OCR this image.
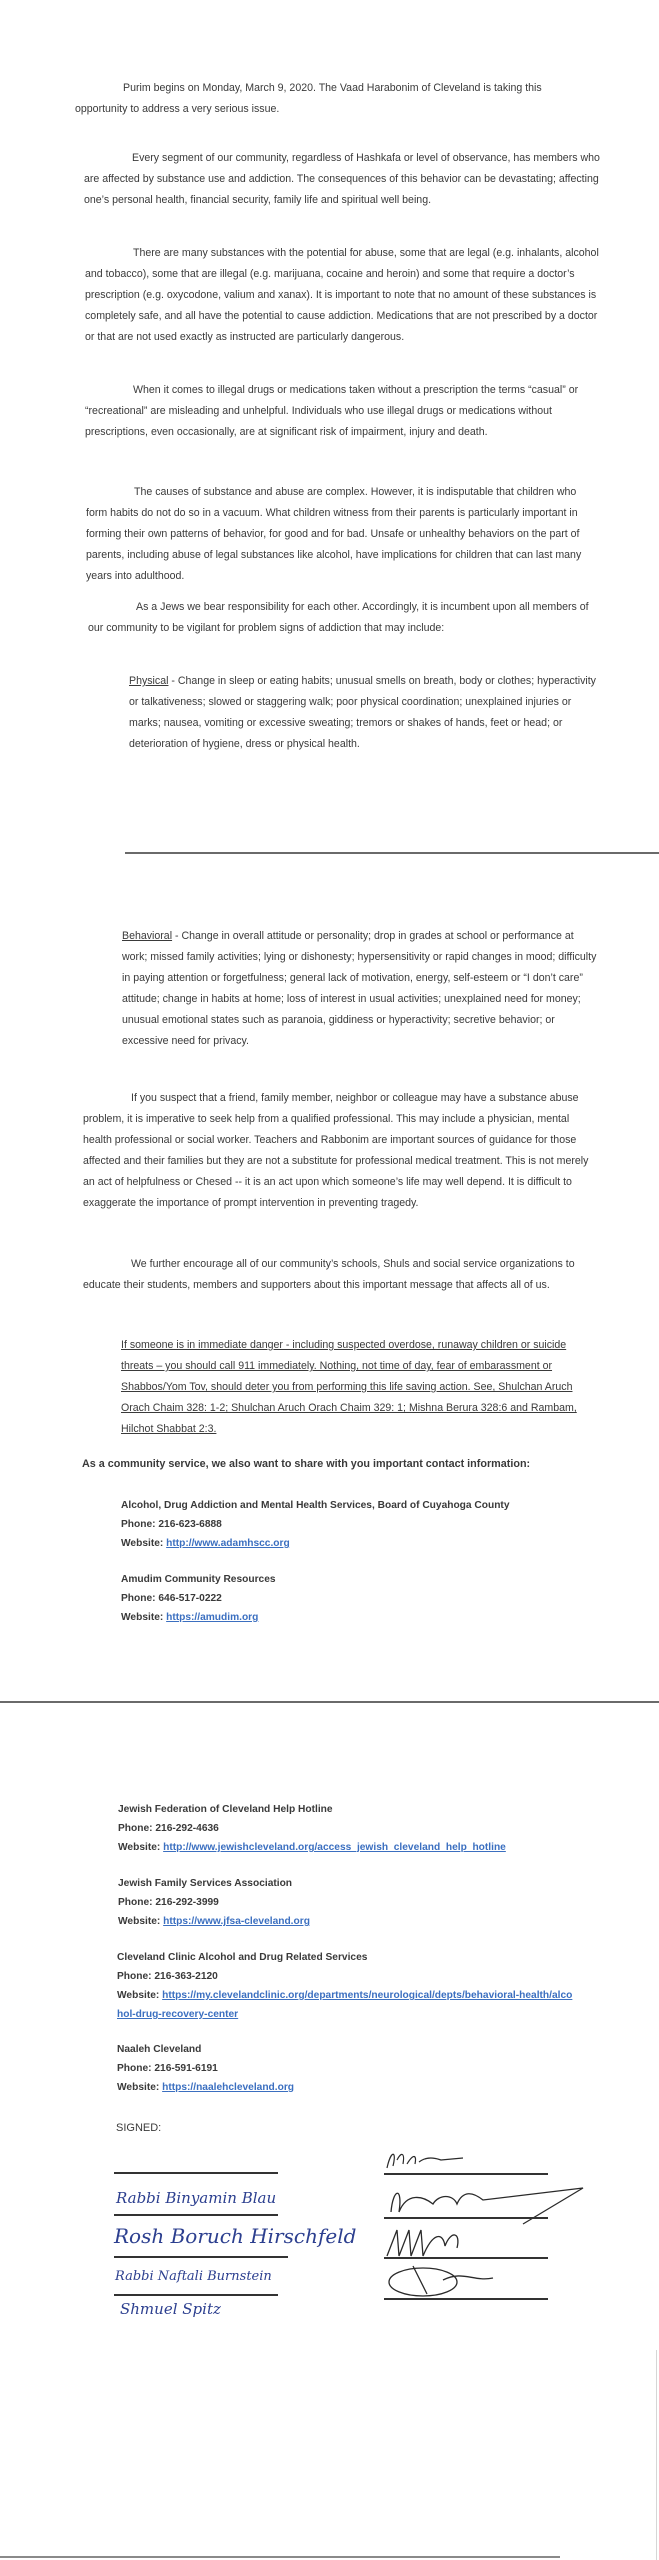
Purim begins on Monday, March 9, 2020. The Vaad Harabonim of Cleveland is taking this opportunity to address a very serious issue.

Every segment of our community, regardless of Hashkafa or level of observance, has members who are affected by substance use and addiction. The consequences of this behavior can be devastating; affecting one’s personal health, financial security, family life and spiritual well being.

There are many substances with the potential for abuse, some that are legal (e.g. inhalants, alcohol and tobacco), some that are illegal (e.g. marijuana, cocaine and heroin) and some that require a doctor’s prescription (e.g. oxycodone, valium and xanax). It is important to note that no amount of these substances is completely safe, and all have the potential to cause addiction. Medications that are not prescribed by a doctor or that are not used exactly as instructed are particularly dangerous.

When it comes to illegal drugs or medications taken without a prescription the terms “casual” or “recreational” are misleading and unhelpful. Individuals who use illegal drugs or medications without prescriptions, even occasionally, are at significant risk of impairment, injury and death.

The causes of substance and abuse are complex. However, it is indisputable that children who form habits do not do so in a vacuum. What children witness from their parents is particularly important in forming their own patterns of behavior, for good and for bad. Unsafe or unhealthy behaviors on the part of parents, including abuse of legal substances like alcohol, have implications for children that can last many years into adulthood.

As a Jews we bear responsibility for each other. Accordingly, it is incumbent upon all members of our community to be vigilant for problem signs of addiction that may include:

Physical - Change in sleep or eating habits; unusual smells on breath, body or clothes; hyperactivity or talkativeness; slowed or staggering walk; poor physical coordination; unexplained injuries or marks; nausea, vomiting or excessive sweating; tremors or shakes of hands, feet or head; or deterioration of hygiene, dress or physical health.

Behavioral - Change in overall attitude or personality; drop in grades at school or performance at work; missed family activities; lying or dishonesty; hypersensitivity or rapid changes in mood; difficulty in paying attention or forgetfulness; general lack of motivation, energy, self-esteem or “I don’t care” attitude; change in habits at home; loss of interest in usual activities; unexplained need for money; unusual emotional states such as paranoia, giddiness or hyperactivity; secretive behavior; or excessive need for privacy.

If you suspect that a friend, family member, neighbor or colleague may have a substance abuse problem, it is imperative to seek help from a qualified professional. This may include a physician, mental health professional or social worker. Teachers and Rabbonim are important sources of guidance for those affected and their families but they are not a substitute for professional medical treatment. This is not merely an act of helpfulness or Chesed -- it is an act upon which someone’s life may well depend. It is difficult to exaggerate the importance of prompt intervention in preventing tragedy.

We further encourage all of our community’s schools, Shuls and social service organizations to educate their students, members and supporters about this important message that affects all of us.

If someone is in immediate danger - including suspected overdose, runaway children or suicide threats – you should call 911 immediately. Nothing, not time of day, fear of embarassment or Shabbos/Yom Tov, should deter you from performing this life saving action. See, Shulchan Aruch Orach Chaim 328: 1-2; Shulchan Aruch Orach Chaim 329: 1; Mishna Berura 328:6 and Rambam, Hilchot Shabbat 2:3.

As a community service, we also want to share with you important contact information:

Alcohol, Drug Addiction and Mental Health Services, Board of Cuyahoga County
Phone: 216-623-6888
Website: http://www.adamhscc.org
Amudim Community Resources
Phone: 646-517-0222
Website: https://amudim.org
Jewish Federation of Cleveland Help Hotline
Phone: 216-292-4636
Website: http://www.jewishcleveland.org/access_jewish_cleveland_help_hotline
Jewish Family Services Association
Phone: 216-292-3999
Website: https://www.jfsa-cleveland.org
Cleveland Clinic Alcohol and Drug Related Services
Phone: 216-363-2120
Website: https://my.clevelandclinic.org/departments/neurological/depts/behavioral-health/alcohol-drug-recovery-center
Naaleh Cleveland
Phone: 216-591-6191
Website: https://naalehcleveland.org
SIGNED:
Rabbi Binyamin Blau
Rosh Boruch Hirschfeld
Rabbi Naftali Burnstein
Shmuel Spitz
